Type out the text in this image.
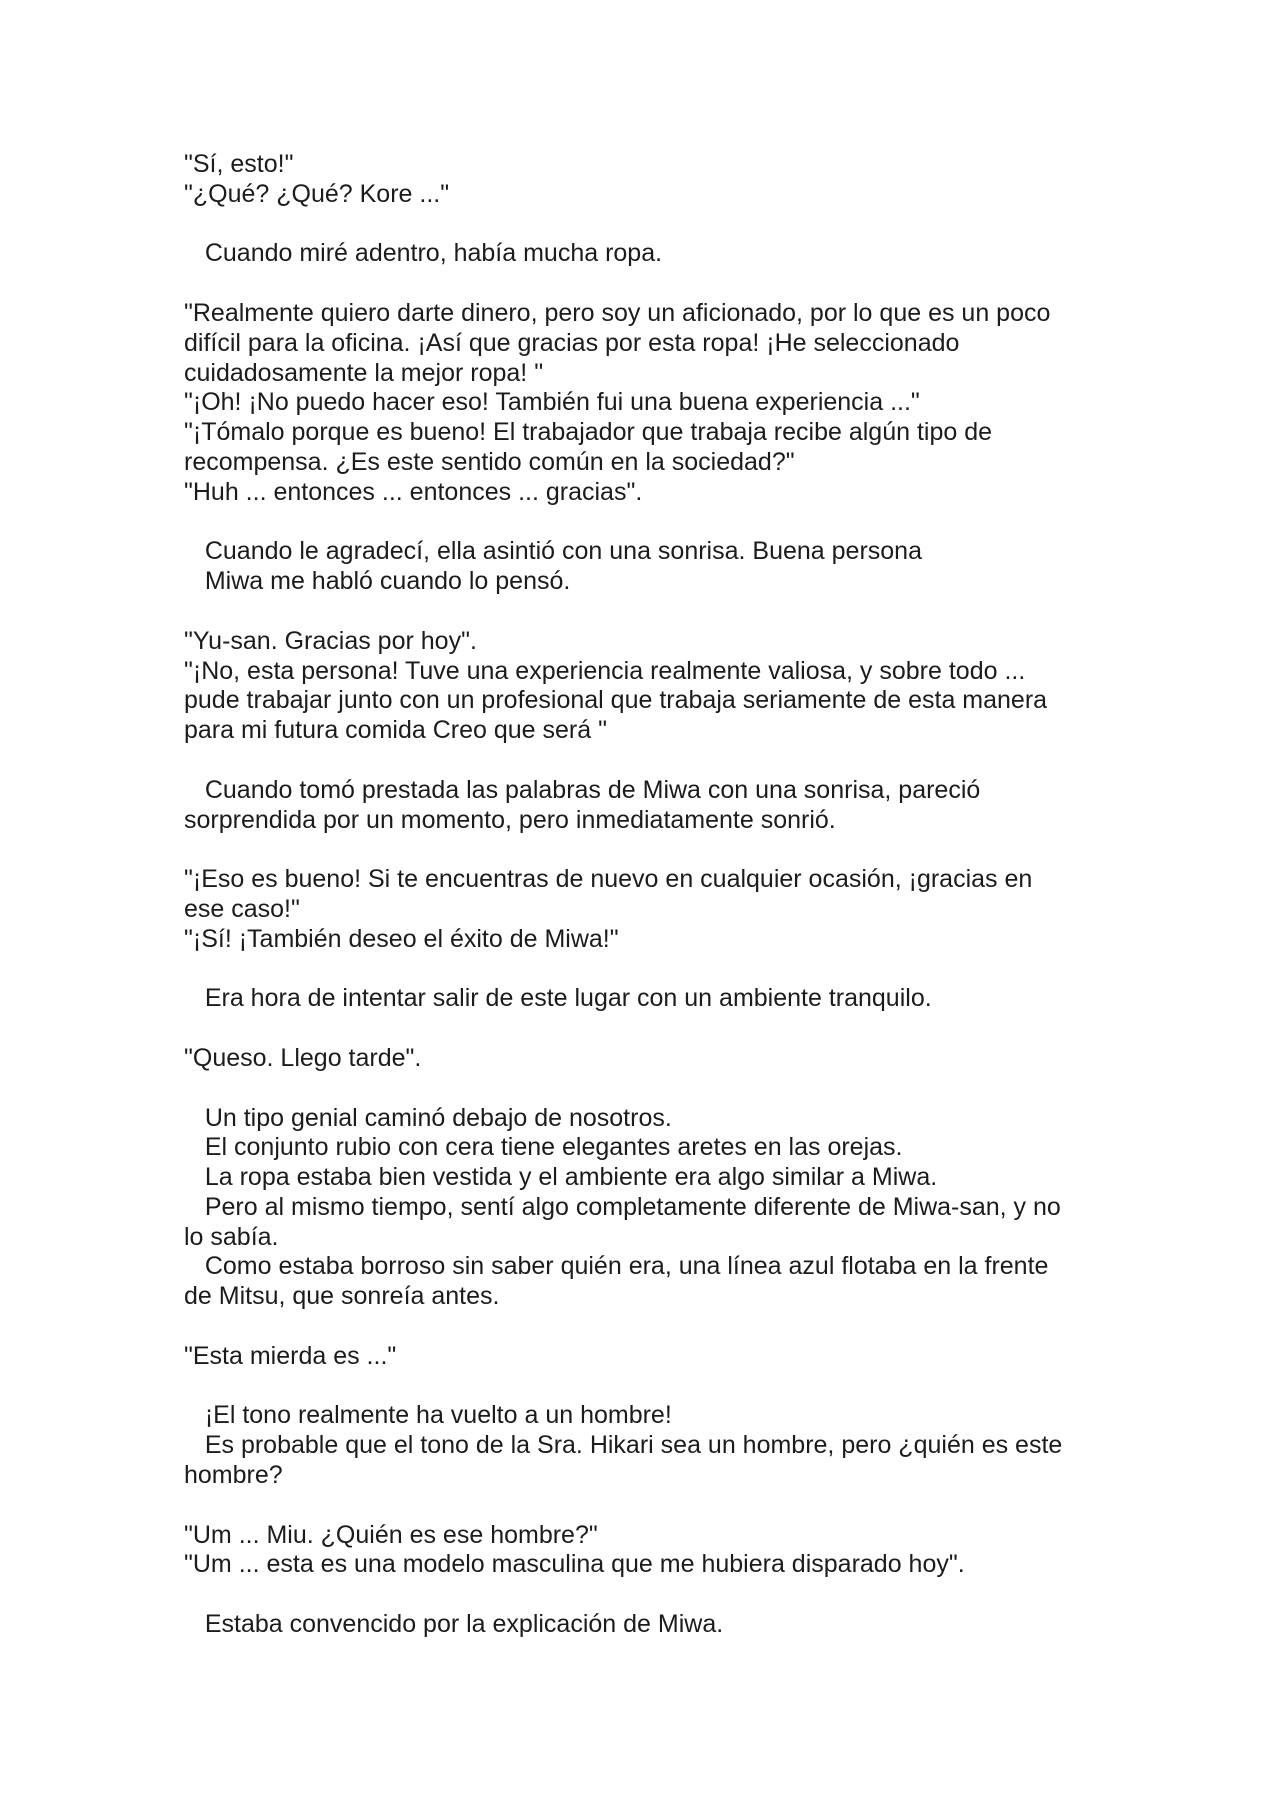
"Sí, esto!"
"¿Qué? ¿Qué? Kore ..."
Cuando miré adentro, había mucha ropa.
"Realmente quiero darte dinero, pero soy un aficionado, por lo que es un poco
difícil para la oficina. ¡Así que gracias por esta ropa! ¡He seleccionado
cuidadosamente la mejor ropa! "
"¡Oh! ¡No puedo hacer eso! También fui una buena experiencia ..."
"¡Tómalo porque es bueno! El trabajador que trabaja recibe algún tipo de
recompensa. ¿Es este sentido común en la sociedad?"
"Huh ... entonces ... entonces ... gracias".
Cuando le agradecí, ella asintió con una sonrisa. Buena persona
Miwa me habló cuando lo pensó.
"Yu-san. Gracias por hoy".
"¡No, esta persona! Tuve una experiencia realmente valiosa, y sobre todo ...
pude trabajar junto con un profesional que trabaja seriamente de esta manera
para mi futura comida Creo que será "
Cuando tomó prestada las palabras de Miwa con una sonrisa, pareció
sorprendida por un momento, pero inmediatamente sonrió.
"¡Eso es bueno! Si te encuentras de nuevo en cualquier ocasión, ¡gracias en
ese caso!"
"¡Sí! ¡También deseo el éxito de Miwa!"
Era hora de intentar salir de este lugar con un ambiente tranquilo.
"Queso. Llego tarde".
Un tipo genial caminó debajo de nosotros.
El conjunto rubio con cera tiene elegantes aretes en las orejas.
La ropa estaba bien vestida y el ambiente era algo similar a Miwa.
Pero al mismo tiempo, sentí algo completamente diferente de Miwa-san, y no
lo sabía.
Como estaba borroso sin saber quién era, una línea azul flotaba en la frente
de Mitsu, que sonreía antes.
"Esta mierda es ..."
¡El tono realmente ha vuelto a un hombre!
Es probable que el tono de la Sra. Hikari sea un hombre, pero ¿quién es este
hombre?
"Um ... Miu. ¿Quién es ese hombre?"
"Um ... esta es una modelo masculina que me hubiera disparado hoy".
Estaba convencido por la explicación de Miwa.
